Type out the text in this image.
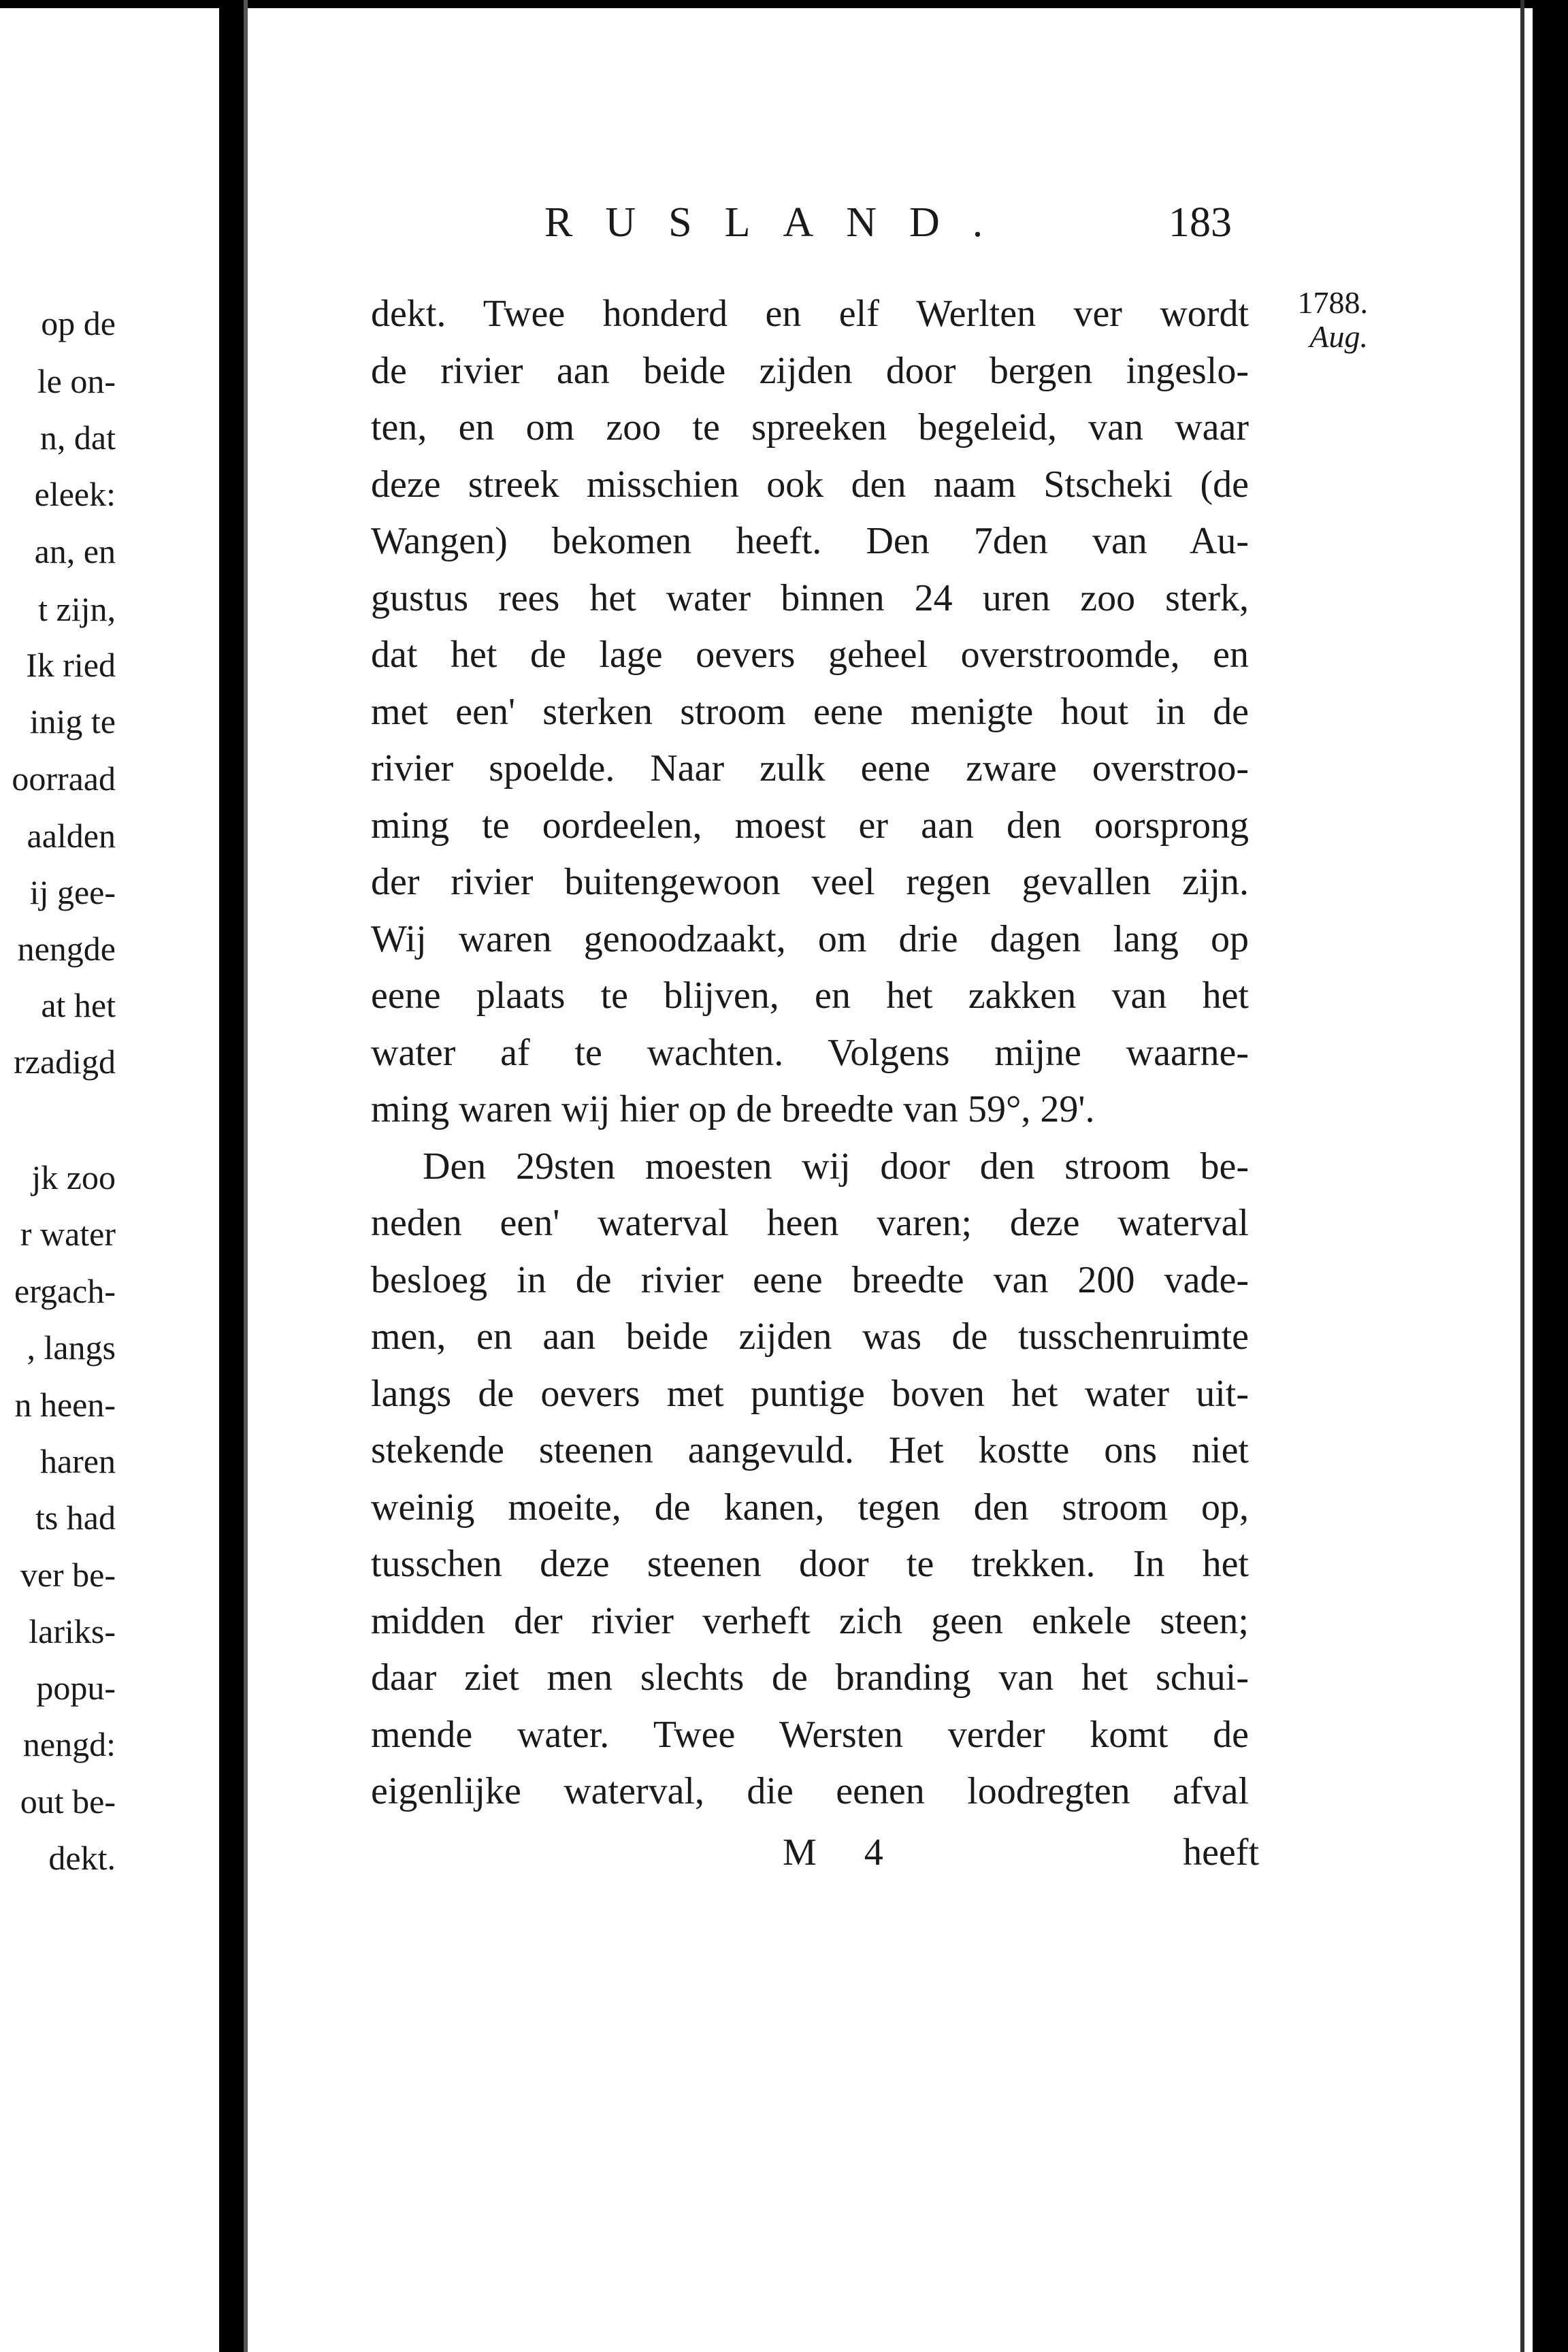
op de
le on-
n, dat
eleek:
an, en
t zijn,
Ik ried
inig te
oorraad
aalden
ij gee-
nengde
at het
rzadigd
jk zoo
r water
ergach-
, langs
n heen-
haren
ts had
ver be-
lariks-
popu-
nengd:
out be-
dekt.
RUSLAND.	183
1788.
Aug.
dekt. Twee honderd en elf Werlten ver wordt
de rivier aan beide zijden door bergen ingeslo-
ten, en om zoo te spreeken begeleid, van waar
deze streek misschien ook den naam Stscheki (de
Wangen) bekomen heeft. Den 7den van Au-
gustus rees het water binnen 24 uren zoo sterk,
dat het de lage oevers geheel overstroomde, en
met een' sterken stroom eene menigte hout in de
rivier spoelde. Naar zulk eene zware overstroo-
ming te oordeelen, moest er aan den oorsprong
der rivier buitengewoon veel regen gevallen zijn.
Wij waren genoodzaakt, om drie dagen lang op
eene plaats te blijven, en het zakken van het
water af te wachten. Volgens mijne waarne-
ming waren wij hier op de breedte van 59°, 29'.
Den 29sten moesten wij door den stroom be-
neden een' waterval heen varen; deze waterval
besloeg in de rivier eene breedte van 200 vade-
men, en aan beide zijden was de tusschenruimte
langs de oevers met puntige boven het water uit-
stekende steenen aangevuld. Het kostte ons niet
weinig moeite, de kanen, tegen den stroom op,
tusschen deze steenen door te trekken. In het
midden der rivier verheft zich geen enkele steen;
daar ziet men slechts de branding van het schui-
mende water. Twee Wersten verder komt de
eigenlijke waterval, die eenen loodregten afval
M 4	heeft
